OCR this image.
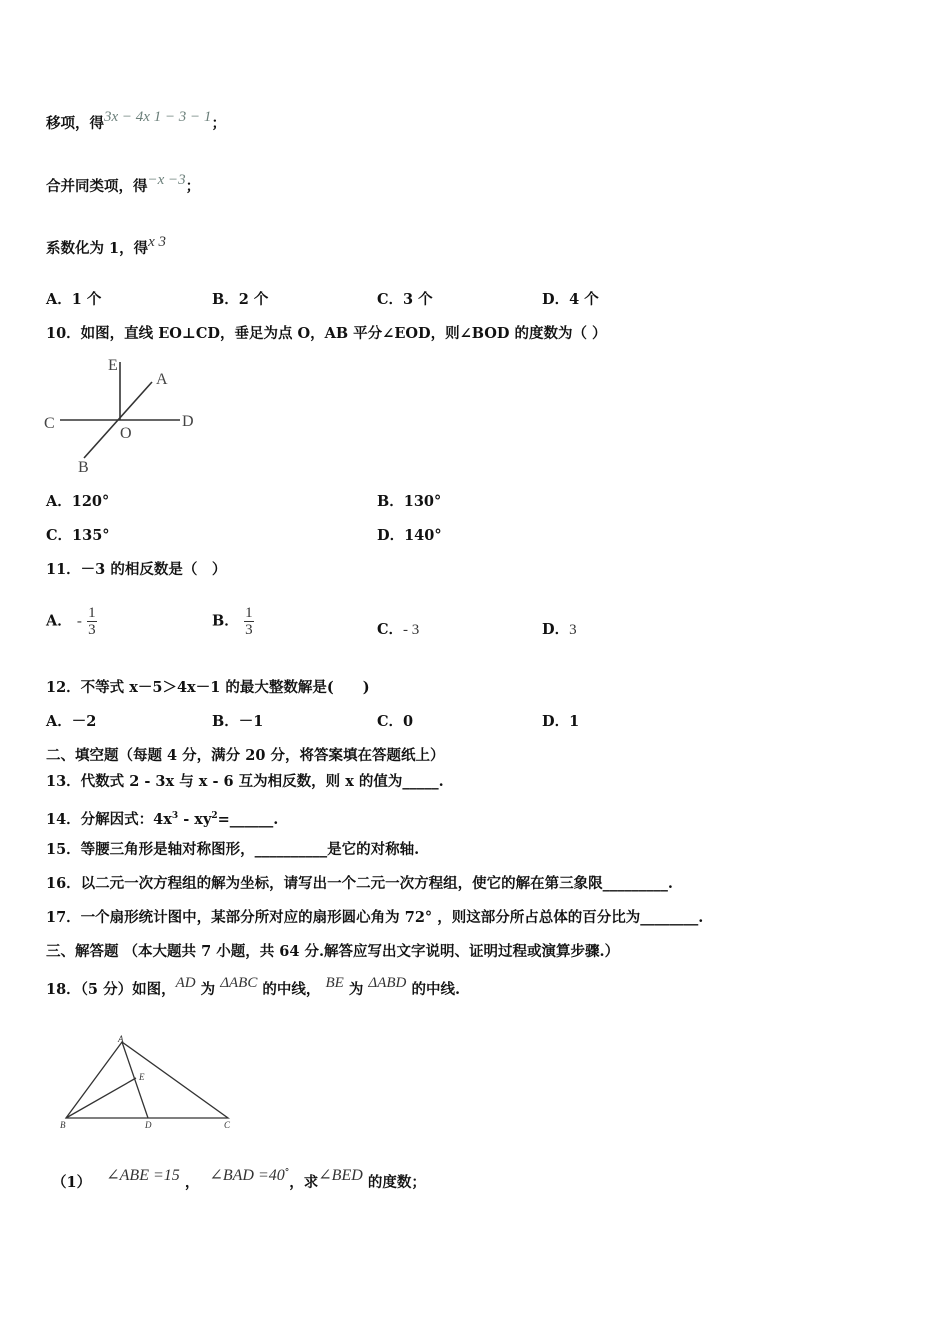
移项，得3x − 4x 1 − 3 − 1；
合并同类项，得−x −3；
系数化为 1，得x 3
A．1 个	B．2 个	C．3 个	D．4 个
10．如图，直线 EO⊥CD，垂足为点 O，AB 平分∠EOD，则∠BOD 的度数为（ ）
E
A
C
O
D
B
A．120°	B．130°
C．135°	D．140°
11．－3 的相反数是（　）
A． - $\frac{1}{3}$	B． $\frac{1}{3}$	C．- 3	D．3
12．不等式 x－5＞4x－1 的最大整数解是(　　)
A．－2	B．－1	C．0	D．1
二、填空题（每题 4 分，满分 20 分，将答案填在答题纸上）
13．代数式 2 - 3x 与 x - 6 互为相反数，则 x 的值为_____.
14．分解因式：$4x^3$ - $xy^2=\_\_\_\_\_\_$.
15．等腰三角形是轴对称图形，__________是它的对称轴.
16．以二元一次方程组的解为坐标，请写出一个二元一次方程组，使它的解在第三象限_________.
17．一个扇形统计图中，某部分所对应的扇形圆心角为 72° ，则这部分所占总体的百分比为________.
三、解答题 （本大题共 7 小题，共 64 分.解答应写出文字说明、证明过程或演算步骤.）
18．（5 分）如图，AD 为 ΔABC 的中线， BE 为 ΔABD 的中线.
A
E
B	D	C
（1） ∠ABE =15 ， ∠BAD =40°，求∠BED 的度数；
